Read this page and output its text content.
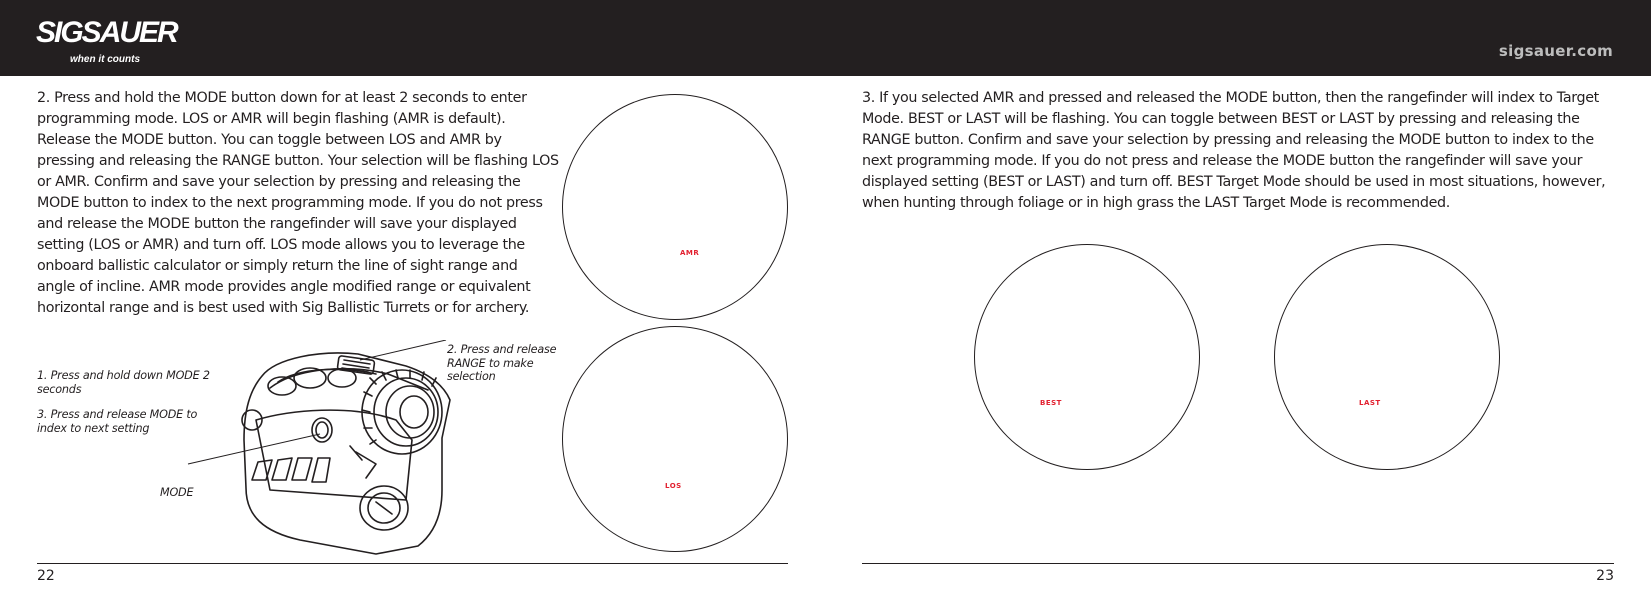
SIGSAUER
when it counts	sigsauer.com

2. Press and hold the MODE button down for at least 2 seconds to enter programming mode. LOS or AMR will begin flashing (AMR is default). Release the MODE button. You can toggle between LOS and AMR by pressing and releasing the RANGE button. Your selection will be flashing LOS or AMR. Confirm and save your selection by pressing and releasing the MODE button to index to the next programming mode. If you do not press and release the MODE button the rangefinder will save your displayed setting (LOS or AMR) and turn off. LOS mode allows you to leverage the onboard ballistic calculator or simply return the line of sight range and angle of incline. AMR mode provides angle modified range or equivalent horizontal range and is best used with Sig Ballistic Turrets or for archery.

AMR
LOS
1. Press and hold down MODE 2 seconds
3. Press and release MODE to index to next setting
2. Press and release RANGE to make selection
MODE
22

3. If you selected AMR and pressed and released the MODE button, then the rangefinder will index to Target Mode. BEST or LAST will be flashing. You can toggle between BEST or LAST by pressing and releasing the RANGE button. Confirm and save your selection by pressing and releasing the MODE button to index to the next programming mode. If you do not press and release the MODE button the rangefinder will save your displayed setting (BEST or LAST) and turn off. BEST Target Mode should be used in most situations, however, when hunting through foliage or in high grass the LAST Target Mode is recommended.

BEST	LAST
23
